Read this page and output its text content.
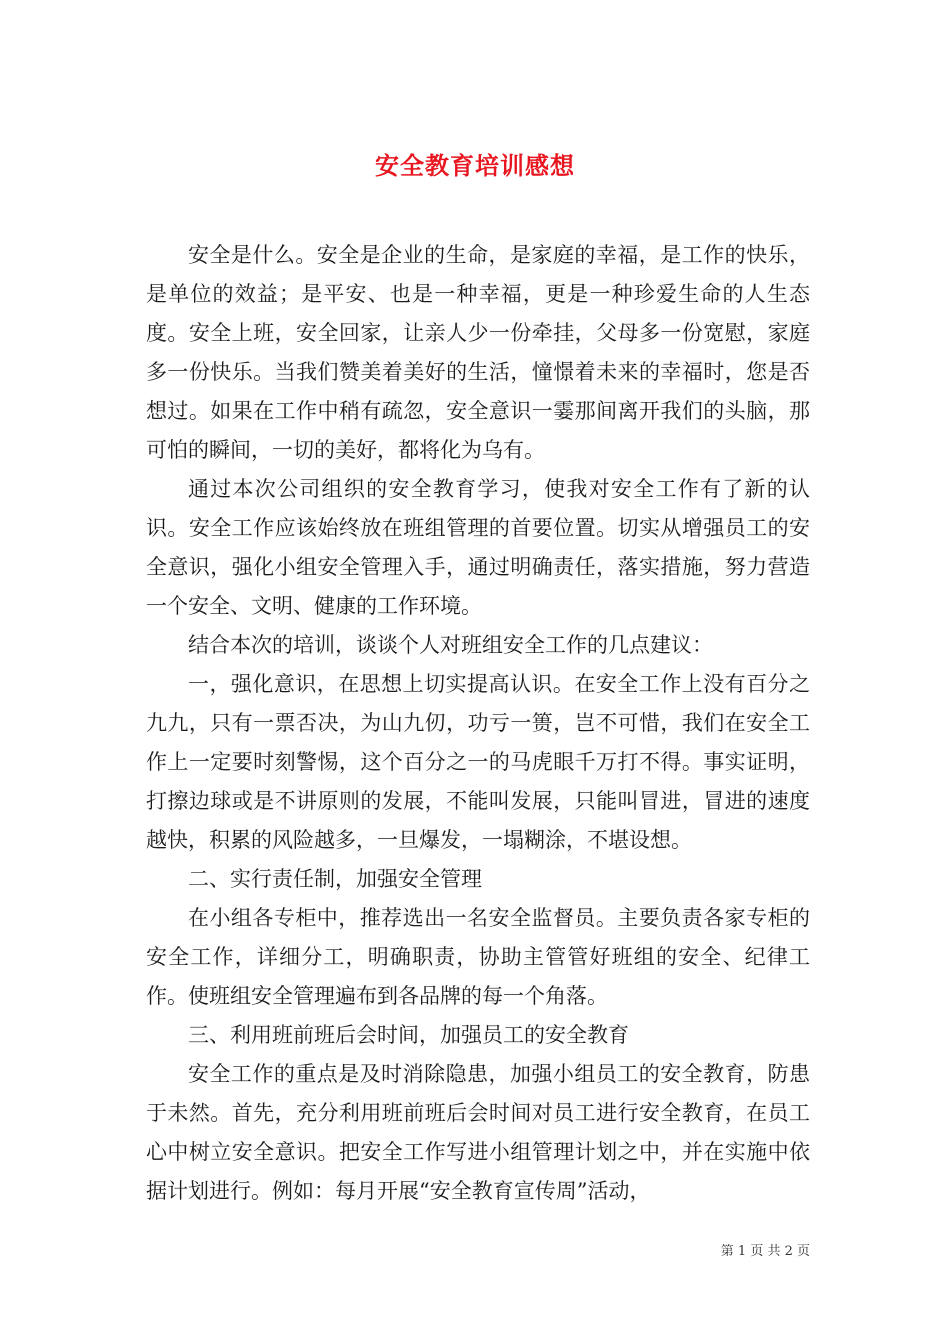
安全教育培训感想

安全是什么。安全是企业的生命，是家庭的幸福，是工作的快乐，是单位的效益；是平安、也是一种幸福，更是一种珍爱生命的人生态度。安全上班，安全回家，让亲人少一份牵挂，父母多一份宽慰，家庭多一份快乐。当我们赞美着美好的生活，憧憬着未来的幸福时，您是否想过。如果在工作中稍有疏忽，安全意识一霎那间离开我们的头脑，那可怕的瞬间，一切的美好，都将化为乌有。

通过本次公司组织的安全教育学习，使我对安全工作有了新的认识。安全工作应该始终放在班组管理的首要位置。切实从增强员工的安全意识，强化小组安全管理入手，通过明确责任，落实措施，努力营造一个安全、文明、健康的工作环境。

结合本次的培训，谈谈个人对班组安全工作的几点建议：

一，强化意识，在思想上切实提高认识。在安全工作上没有百分之九九，只有一票否决，为山九仞，功亏一篑，岂不可惜，我们在安全工作上一定要时刻警惕，这个百分之一的马虎眼千万打不得。事实证明，打擦边球或是不讲原则的发展，不能叫发展，只能叫冒进，冒进的速度越快，积累的风险越多，一旦爆发，一塌糊涂，不堪设想。

二、实行责任制，加强安全管理

在小组各专柜中，推荐选出一名安全监督员。主要负责各家专柜的安全工作，详细分工，明确职责，协助主管管好班组的安全、纪律工作。使班组安全管理遍布到各品牌的每一个角落。

三、利用班前班后会时间，加强员工的安全教育

安全工作的重点是及时消除隐患，加强小组员工的安全教育，防患于未然。首先，充分利用班前班后会时间对员工进行安全教育，在员工心中树立安全意识。把安全工作写进小组管理计划之中，并在实施中依据计划进行。例如：每月开展“安全教育宣传周”活动，

第 1 页 共 2 页
